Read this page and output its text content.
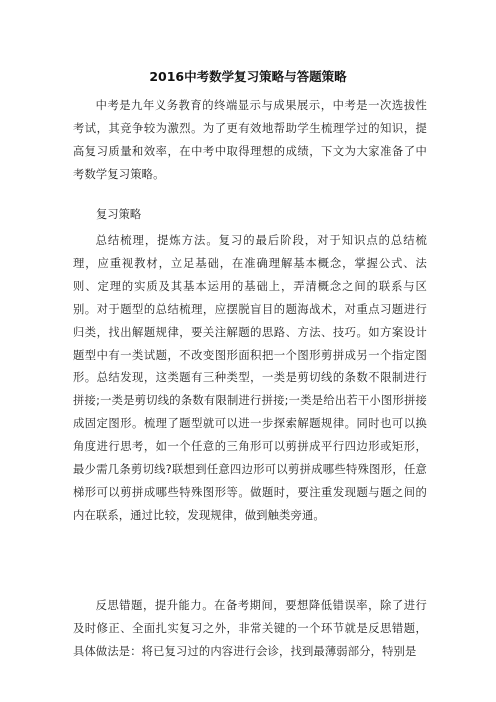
2016中考数学复习策略与答题策略

中考是九年义务教育的终端显示与成果展示，中考是一次选拔性考试，其竞争较为激烈。为了更有效地帮助学生梳理学过的知识，提高复习质量和效率，在中考中取得理想的成绩，下文为大家准备了中考数学复习策略。

复习策略

总结梳理，提炼方法。复习的最后阶段，对于知识点的总结梳理，应重视教材，立足基础，在准确理解基本概念，掌握公式、法则、定理的实质及其基本运用的基础上，弄清概念之间的联系与区别。对于题型的总结梳理，应摆脱盲目的题海战术，对重点习题进行归类，找出解题规律，要关注解题的思路、方法、技巧。如方案设计题型中有一类试题，不改变图形面积把一个图形剪拼成另一个指定图形。总结发现，这类题有三种类型，一类是剪切线的条数不限制进行拼接;一类是剪切线的条数有限制进行拼接;一类是给出若干小图形拼接成固定图形。梳理了题型就可以进一步探索解题规律。同时也可以换角度进行思考，如一个任意的三角形可以剪拼成平行四边形或矩形，最少需几条剪切线?联想到任意四边形可以剪拼成哪些特殊图形，任意梯形可以剪拼成哪些特殊图形等。做题时，要注重发现题与题之间的内在联系，通过比较，发现规律，做到触类旁通。

反思错题，提升能力。在备考期间，要想降低错误率，除了进行及时修正、全面扎实复习之外，非常关键的一个环节就是反思错题，具体做法是：将已复习过的内容进行会诊，找到最薄弱部分，特别是
